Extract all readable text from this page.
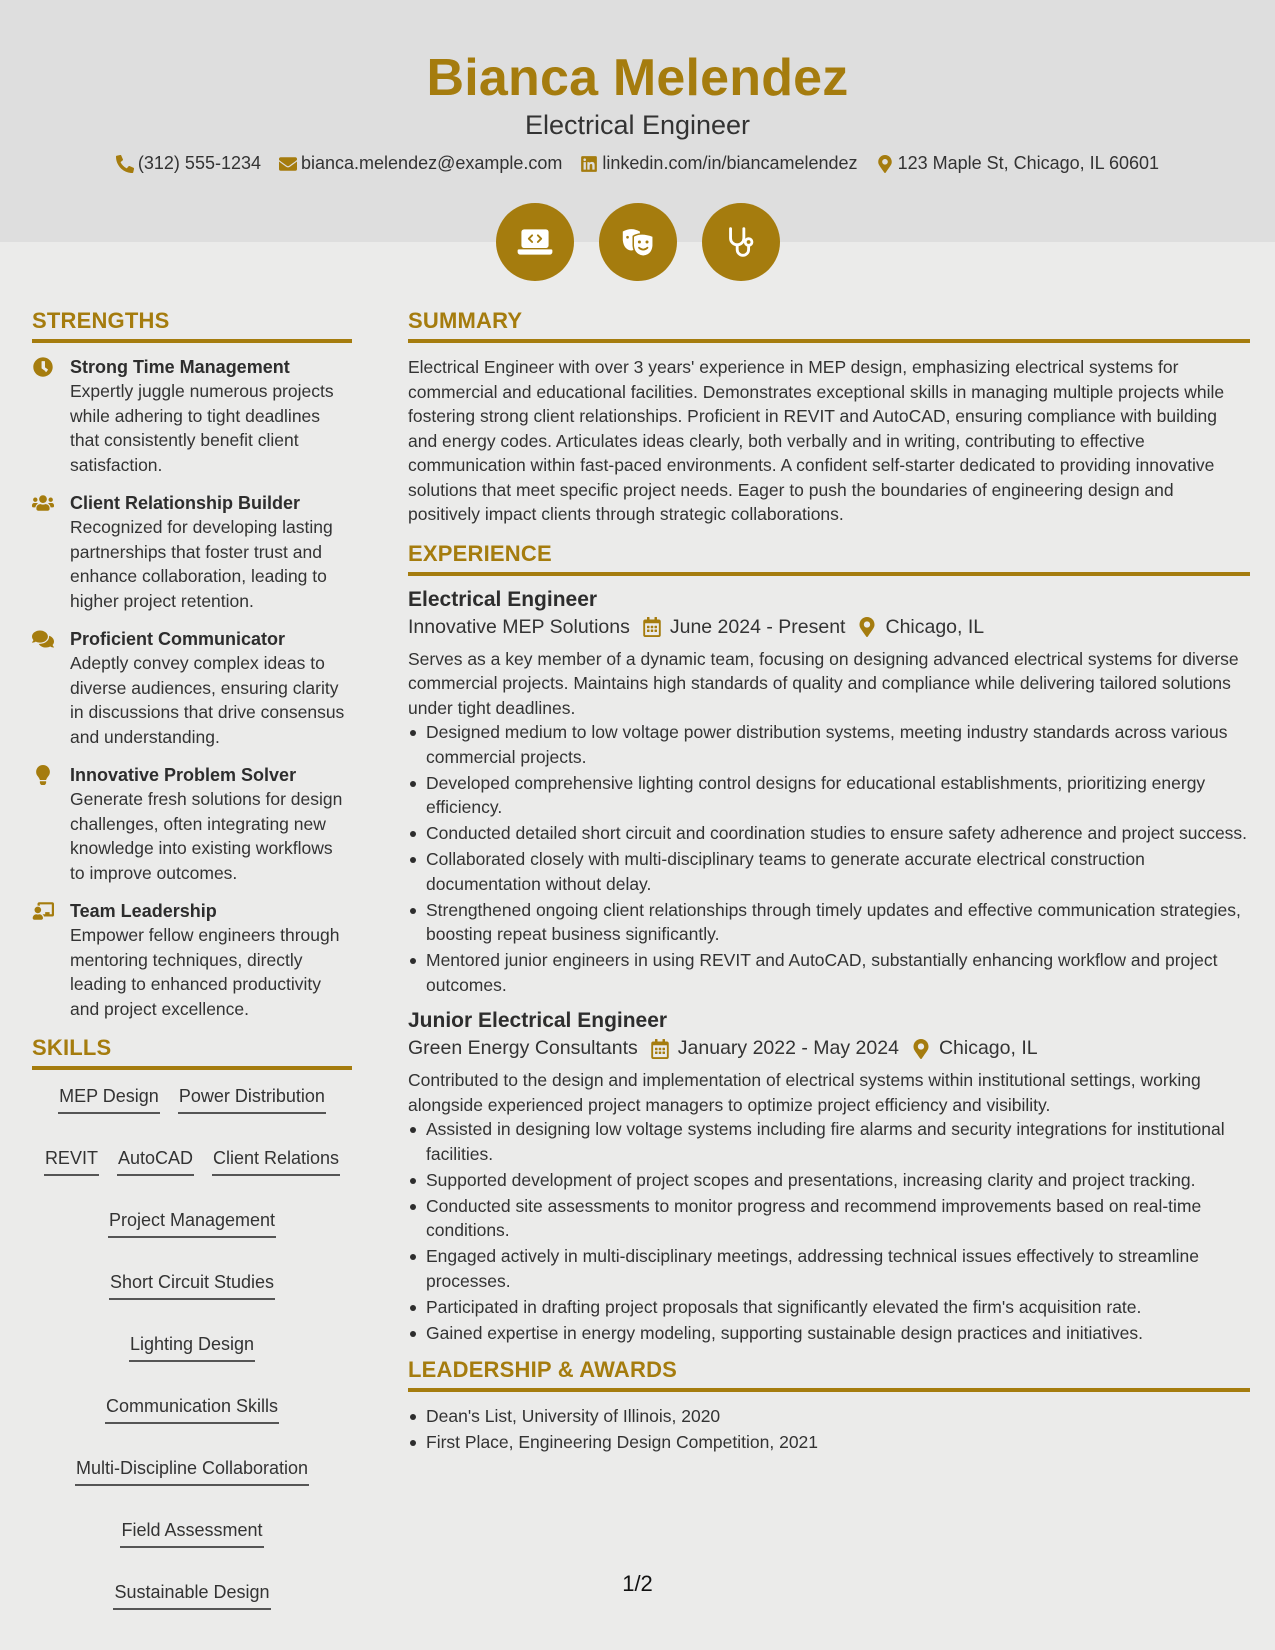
Bianca Melendez
Electrical Engineer
(312) 555-1234 bianca.melendez@example.com linkedin.com/in/biancamelendez 123 Maple St, Chicago, IL 60601
STRENGTHS
Strong Time Management
Expertly juggle numerous projects while adhering to tight deadlines that consistently benefit client satisfaction.
Client Relationship Builder
Recognized for developing lasting partnerships that foster trust and enhance collaboration, leading to higher project retention.
Proficient Communicator
Adeptly convey complex ideas to diverse audiences, ensuring clarity in discussions that drive consensus and understanding.
Innovative Problem Solver
Generate fresh solutions for design challenges, often integrating new knowledge into existing workflows to improve outcomes.
Team Leadership
Empower fellow engineers through mentoring techniques, directly leading to enhanced productivity and project excellence.
SKILLS
MEP Design Power Distribution
REVIT AutoCAD Client Relations
Project Management
Short Circuit Studies
Lighting Design
Communication Skills
Multi-Discipline Collaboration
Field Assessment
Sustainable Design
SUMMARY
Electrical Engineer with over 3 years' experience in MEP design, emphasizing electrical systems for commercial and educational facilities. Demonstrates exceptional skills in managing multiple projects while fostering strong client relationships. Proficient in REVIT and AutoCAD, ensuring compliance with building and energy codes. Articulates ideas clearly, both verbally and in writing, contributing to effective communication within fast-paced environments. A confident self-starter dedicated to providing innovative solutions that meet specific project needs. Eager to push the boundaries of engineering design and positively impact clients through strategic collaborations.
EXPERIENCE
Electrical Engineer
Innovative MEP Solutions June 2024 - Present Chicago, IL
Serves as a key member of a dynamic team, focusing on designing advanced electrical systems for diverse commercial projects. Maintains high standards of quality and compliance while delivering tailored solutions under tight deadlines.
Designed medium to low voltage power distribution systems, meeting industry standards across various commercial projects.
Developed comprehensive lighting control designs for educational establishments, prioritizing energy efficiency.
Conducted detailed short circuit and coordination studies to ensure safety adherence and project success.
Collaborated closely with multi-disciplinary teams to generate accurate electrical construction documentation without delay.
Strengthened ongoing client relationships through timely updates and effective communication strategies, boosting repeat business significantly.
Mentored junior engineers in using REVIT and AutoCAD, substantially enhancing workflow and project outcomes.
Junior Electrical Engineer
Green Energy Consultants January 2022 - May 2024 Chicago, IL
Contributed to the design and implementation of electrical systems within institutional settings, working alongside experienced project managers to optimize project efficiency and visibility.
Assisted in designing low voltage systems including fire alarms and security integrations for institutional facilities.
Supported development of project scopes and presentations, increasing clarity and project tracking.
Conducted site assessments to monitor progress and recommend improvements based on real-time conditions.
Engaged actively in multi-disciplinary meetings, addressing technical issues effectively to streamline processes.
Participated in drafting project proposals that significantly elevated the firm's acquisition rate.
Gained expertise in energy modeling, supporting sustainable design practices and initiatives.
LEADERSHIP & AWARDS
Dean's List, University of Illinois, 2020
First Place, Engineering Design Competition, 2021
1/2
